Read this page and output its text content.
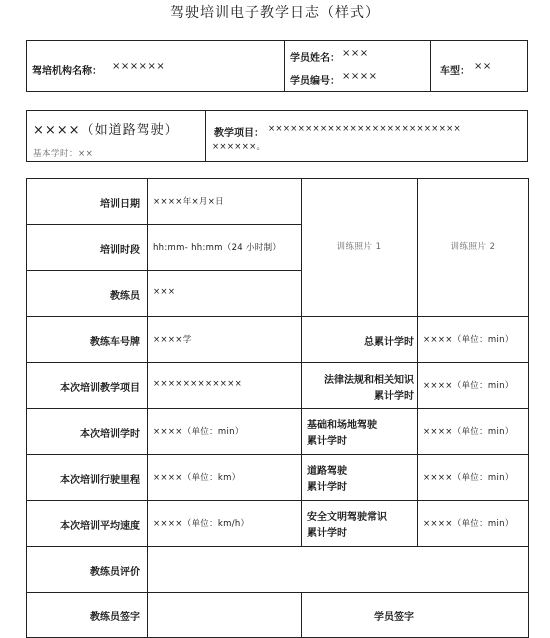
驾驶培训电子教学日志（样式）
驾培机构名称： ××××××
学员姓名： ×××
学员编号： ××××	车型： ××
××××（如道路驾驶）
基本学时：××
教学项目： ××××××××××××××××××××××××××
××××××。
培训日期
培训时段
教练员
教练车号牌
本次培训教学项目
本次培训学时
本次培训行驶里程
本次培训平均速度
教练员评价
教练员签字
××××年×月×日
hh:mm- hh:mm（24 小时制）
×××
××××学
××××××××××××
××××（单位：min）
××××（单位：km）
××××（单位：km/h）
训练照片 1	训练照片 2
总累计学时
法律法规和相关知识
累计学时
基础和场地驾驶
累计学时
道路驾驶
累计学时
安全文明驾驶常识
累计学时
××××（单位：min）
××××（单位：min）
××××（单位：min）
××××（单位：min）
××××（单位：min）
学员签字
